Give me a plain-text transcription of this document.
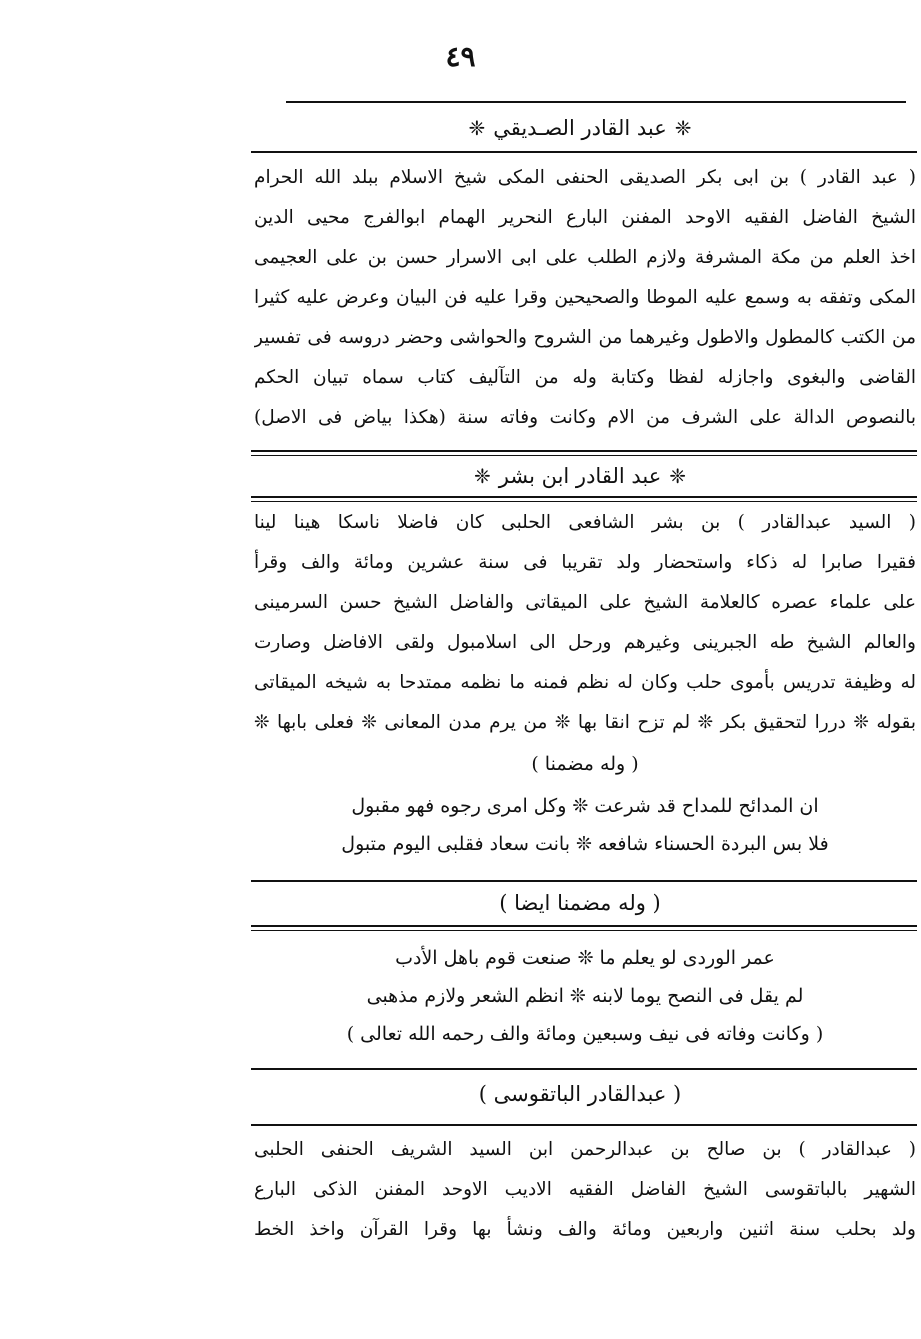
٤٩
❈عبد القادر الصـديقي❈
( عبد القادر ) بن ابى بكر الصديقى الحنفى المكى شيخ الاسلام ببلد الله الحرام
الشيخ الفاضل الفقيه الاوحد المفنن البارع النحرير الهمام ابوالفرج محيى الدين
اخذ العلم من مكة المشرفة ولازم الطلب على ابى الاسرار حسن بن على العجيمى
المكى وتفقه به وسمع عليه الموطا والصحيحين وقرا عليه فن البيان وعرض عليه كثيرا
من الكتب كالمطول والاطول وغيرهما من الشروح والحواشى وحضر دروسه فى تفسير
القاضى والبغوى واجازله لفظا وكتابة وله من التآليف كتاب سماه تبيان الحكم
بالنصوص الدالة على الشرف من الام وكانت وفاته سنة (هكذا بياض فى الاصل)
❈عبد القادر ابن بشر❈
( السيد عبدالقادر ) بن بشر الشافعى الحلبى كان فاضلا ناسكا هينا لينا
فقيرا صابرا له ذكاء واستحضار ولد تقريبا فى سنة عشرين ومائة والف وقرأ
على علماء عصره كالعلامة الشيخ على الميقاتى والفاضل الشيخ حسن السرمينى
والعالم الشيخ طه الجبرينى وغيرهم ورحل الى اسلامبول ولقى الافاضل وصارت
له وظيفة تدريس بأموى حلب وكان له نظم فمنه ما نظمه ممتدحا به شيخه الميقاتى
بقوله ❊ دررا لتحقيق بكر ❊ لم تزح انقا بها ❊ من يرم مدن المعانى ❊ فعلى بابها ❊
( وله مضمنا )
ان المدائح للمداح قد شرعت ❊ وكل امرى رجوه فهو مقبول
فلا بس البردة الحسناء شافعه ❊ بانت سعاد فقلبى اليوم متبول
( وله مضمنا ايضا )
عمر الوردى لو يعلم ما ❊ صنعت قوم باهل الأدب
لم يقل فى النصح يوما لابنه ❊ انظم الشعر ولازم مذهبى
( وكانت وفاته فى نيف وسبعين ومائة والف رحمه الله تعالى )
( عبدالقادر الباتقوسى )
( عبدالقادر ) بن صالح بن عبدالرحمن ابن السيد الشريف الحنفى الحلبى
الشهير بالباتقوسى الشيخ الفاضل الفقيه الاديب الاوحد المفنن الذكى البارع
ولد بحلب سنة اثنين واربعين ومائة والف ونشأ بها وقرا القرآن واخذ الخط
